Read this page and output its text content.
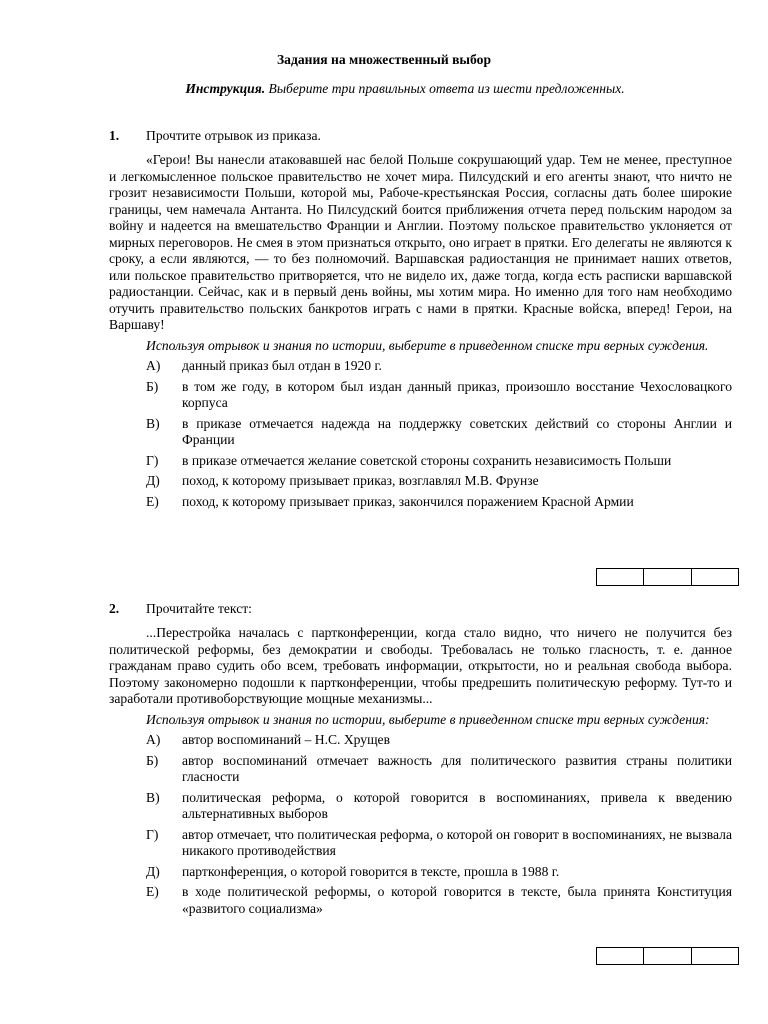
Задания на множественный выбор
Инструкция. Выберите три правильных ответа из шести предложенных.
1. Прочтите отрывок из приказа.
«Герои! Вы нанесли атаковавшей нас белой Польше сокрушающий удар. Тем не менее, преступное и легкомысленное польское правительство не хочет мира. Пилсудский и его агенты знают, что ничто не грозит независимости Польши, которой мы, Рабоче-крестьянская Россия, согласны дать более широкие границы, чем намечала Антанта. Но Пилсудский боится приближения отчета перед польским народом за войну и надеется на вмешательство Франции и Англии. Поэтому польское правительство уклоняется от мирных переговоров. Не смея в этом признаться открыто, оно играет в прятки. Его делегаты не являются к сроку, а если являются, — то без полномочий. Варшавская радиостанция не принимает наших ответов, или польское правительство притворяется, что не видело их, даже тогда, когда есть расписки варшавской радиостанции. Сейчас, как и в первый день войны, мы хотим мира. Но именно для того нам необходимо отучить правительство польских банкротов играть с нами в прятки. Красные войска, вперед! Герои, на Варшаву!
Используя отрывок и знания по истории, выберите в приведенном списке три верных суждения.
А) данный приказ был отдан в 1920 г.
Б) в том же году, в котором был издан данный приказ, произошло восстание Чехословацкого корпуса
В) в приказе отмечается надежда на поддержку советских действий со стороны Англии и Франции
Г) в приказе отмечается желание советской стороны сохранить независимость Польши
Д) поход, к которому призывает приказ, возглавлял М.В. Фрунзе
Е) поход, к которому призывает приказ, закончился поражением Красной Армии
2. Прочитайте текст:
...Перестройка началась с партконференции, когда стало видно, что ничего не получится без политической реформы, без демократии и свободы. Требовалась не только гласность, т. е. данное гражданам право судить обо всем, требовать информации, открытости, но и реальная свобода выбора. Поэтому закономерно подошли к партконференции, чтобы предрешить политическую реформу. Тут-то и заработали противоборствующие мощные механизмы...
Используя отрывок и знания по истории, выберите в приведенном списке три верных суждения:
А) автор воспоминаний – Н.С. Хрущев
Б) автор воспоминаний отмечает важность для политического развития страны политики гласности
В) политическая реформа, о которой говорится в воспоминаниях, привела к введению альтернативных выборов
Г) автор отмечает, что политическая реформа, о которой он говорит в воспоминаниях, не вызвала никакого противодействия
Д) партконференция, о которой говорится в тексте, прошла в 1988 г.
Е) в ходе политической реформы, о которой говорится в тексте, была принята Конституция «развитого социализма»
